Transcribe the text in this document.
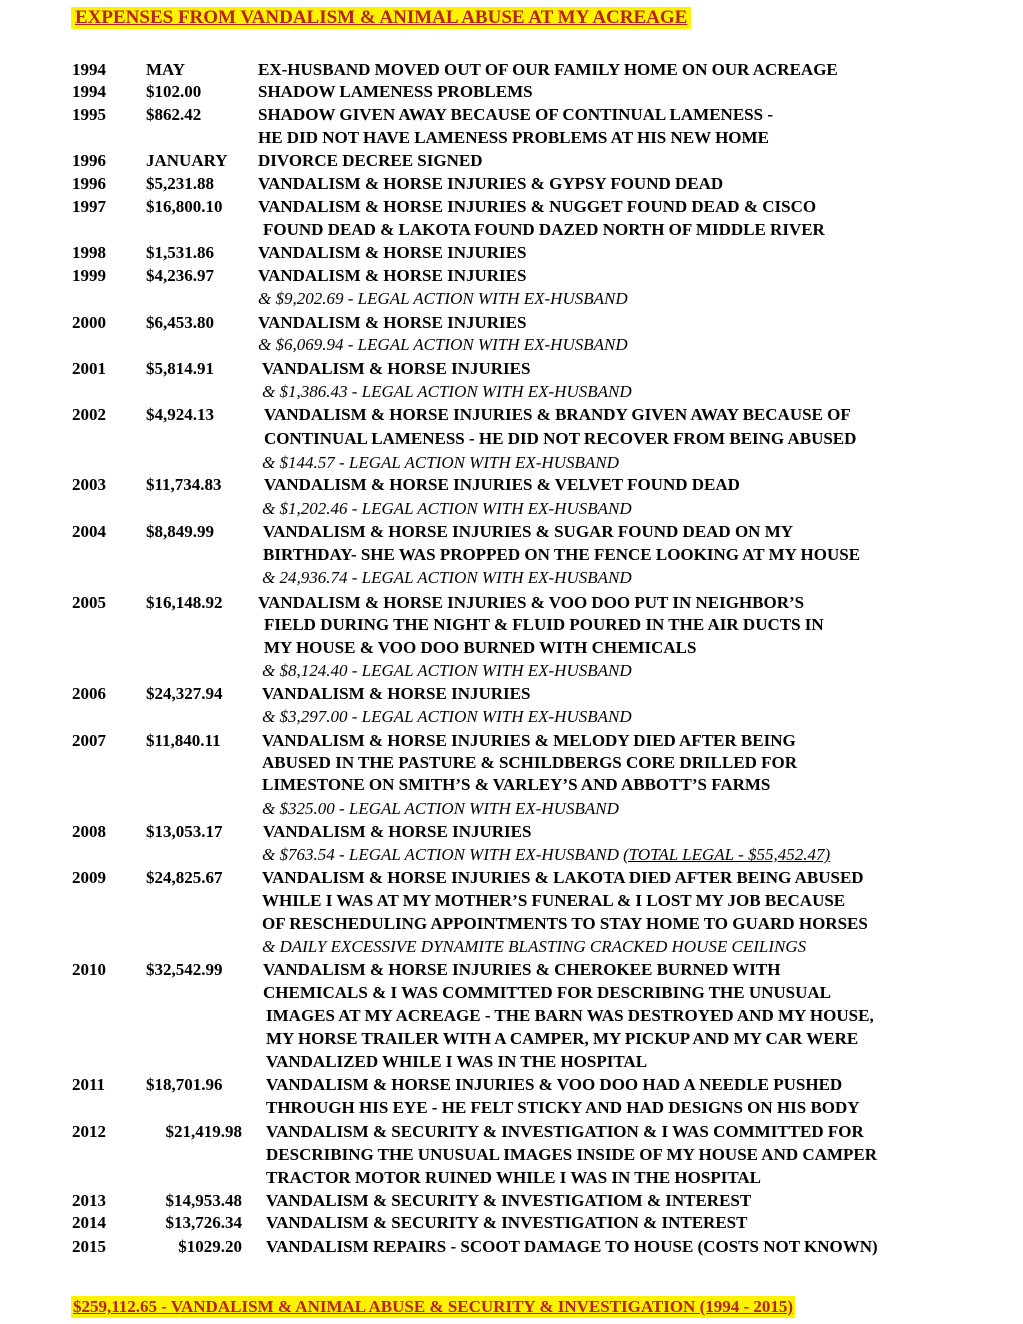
EXPENSES FROM VANDALISM & ANIMAL ABUSE AT MY ACREAGE
1994 MAY	EX-HUSBAND MOVED OUT OF OUR FAMILY HOME ON OUR ACREAGE
1994 $102.00	SHADOW LAMENESS PROBLEMS
1995 $862.42	SHADOW GIVEN AWAY BECAUSE OF CONTINUAL LAMENESS -
HE DID NOT HAVE LAMENESS PROBLEMS AT HIS NEW HOME
1996 JANUARY DIVORCE DECREE SIGNED
1996 $5,231.88	VANDALISM & HORSE INJURIES & GYPSY FOUND DEAD
1997 $16,800.10 VANDALISM & HORSE INJURIES & NUGGET FOUND DEAD & CISCO
FOUND DEAD & LAKOTA FOUND DAZED NORTH OF MIDDLE RIVER
1998 $1,531.86	VANDALISM & HORSE INJURIES
1999 $4,236.97	VANDALISM & HORSE INJURIES
& $9,202.69 - LEGAL ACTION WITH EX-HUSBAND
2000 $6,453.80	VANDALISM & HORSE INJURIES
& $6,069.94 - LEGAL ACTION WITH EX-HUSBAND
2001 $5,814.91	VANDALISM & HORSE INJURIES
& $1,386.43 - LEGAL ACTION WITH EX-HUSBAND
2002 $4,924.13	VANDALISM & HORSE INJURIES & BRANDY GIVEN AWAY BECAUSE OF
CONTINUAL LAMENESS - HE DID NOT RECOVER FROM BEING ABUSED
& $144.57 - LEGAL ACTION WITH EX-HUSBAND
2003 $11,734.83 VANDALISM & HORSE INJURIES & VELVET FOUND DEAD
& $1,202.46 - LEGAL ACTION WITH EX-HUSBAND
2004 $8,849.99	VANDALISM & HORSE INJURIES & SUGAR FOUND DEAD ON MY
BIRTHDAY- SHE WAS PROPPED ON THE FENCE LOOKING AT MY HOUSE
& 24,936.74 - LEGAL ACTION WITH EX-HUSBAND
2005 $16,148.92 VANDALISM & HORSE INJURIES & VOO DOO PUT IN NEIGHBOR’S
FIELD DURING THE NIGHT & FLUID POURED IN THE AIR DUCTS IN
MY HOUSE & VOO DOO BURNED WITH CHEMICALS
& $8,124.40 - LEGAL ACTION WITH EX-HUSBAND
2006 $24,327.94 VANDALISM & HORSE INJURIES
& $3,297.00 - LEGAL ACTION WITH EX-HUSBAND
2007 $11,840.11 VANDALISM & HORSE INJURIES & MELODY DIED AFTER BEING
ABUSED IN THE PASTURE & SCHILDBERGS CORE DRILLED FOR
LIMESTONE ON SMITH’S & VARLEY’S AND ABBOTT’S FARMS
& $325.00 - LEGAL ACTION WITH EX-HUSBAND
2008 $13,053.17 VANDALISM & HORSE INJURIES
& $763.54 - LEGAL ACTION WITH EX-HUSBAND (TOTAL LEGAL - $55,452.47)
2009 $24,825.67 VANDALISM & HORSE INJURIES & LAKOTA DIED AFTER BEING ABUSED
WHILE I WAS AT MY MOTHER’S FUNERAL & I LOST MY JOB BECAUSE
OF RESCHEDULING APPOINTMENTS TO STAY HOME TO GUARD HORSES
& DAILY EXCESSIVE DYNAMITE BLASTING CRACKED HOUSE CEILINGS
2010 $32,542.99 VANDALISM & HORSE INJURIES & CHEROKEE BURNED WITH
CHEMICALS & I WAS COMMITTED FOR DESCRIBING THE UNUSUAL
IMAGES AT MY ACREAGE - THE BARN WAS DESTROYED AND MY HOUSE,
MY HORSE TRAILER WITH A CAMPER, MY PICKUP AND MY CAR WERE
VANDALIZED WHILE I WAS IN THE HOSPITAL
2011 $18,701.96	VANDALISM & HORSE INJURIES & VOO DOO HAD A NEEDLE PUSHED
THROUGH HIS EYE - HE FELT STICKY AND HAD DESIGNS ON HIS BODY
2012	$21,419.98 VANDALISM & SECURITY & INVESTIGATION & I WAS COMMITTED FOR
DESCRIBING THE UNUSUAL IMAGES INSIDE OF MY HOUSE AND CAMPER
TRACTOR MOTOR RUINED WHILE I WAS IN THE HOSPITAL
2013	$14,953.48 VANDALISM & SECURITY & INVESTIGATIOM & INTEREST
2014	$13,726.34 VANDALISM & SECURITY & INVESTIGATION & INTEREST
2015	$1029.20 VANDALISM REPAIRS - SCOOT DAMAGE TO HOUSE (COSTS NOT KNOWN)
$259,112.65 - VANDALISM & ANIMAL ABUSE & SECURITY & INVESTIGATION (1994 - 2015)
